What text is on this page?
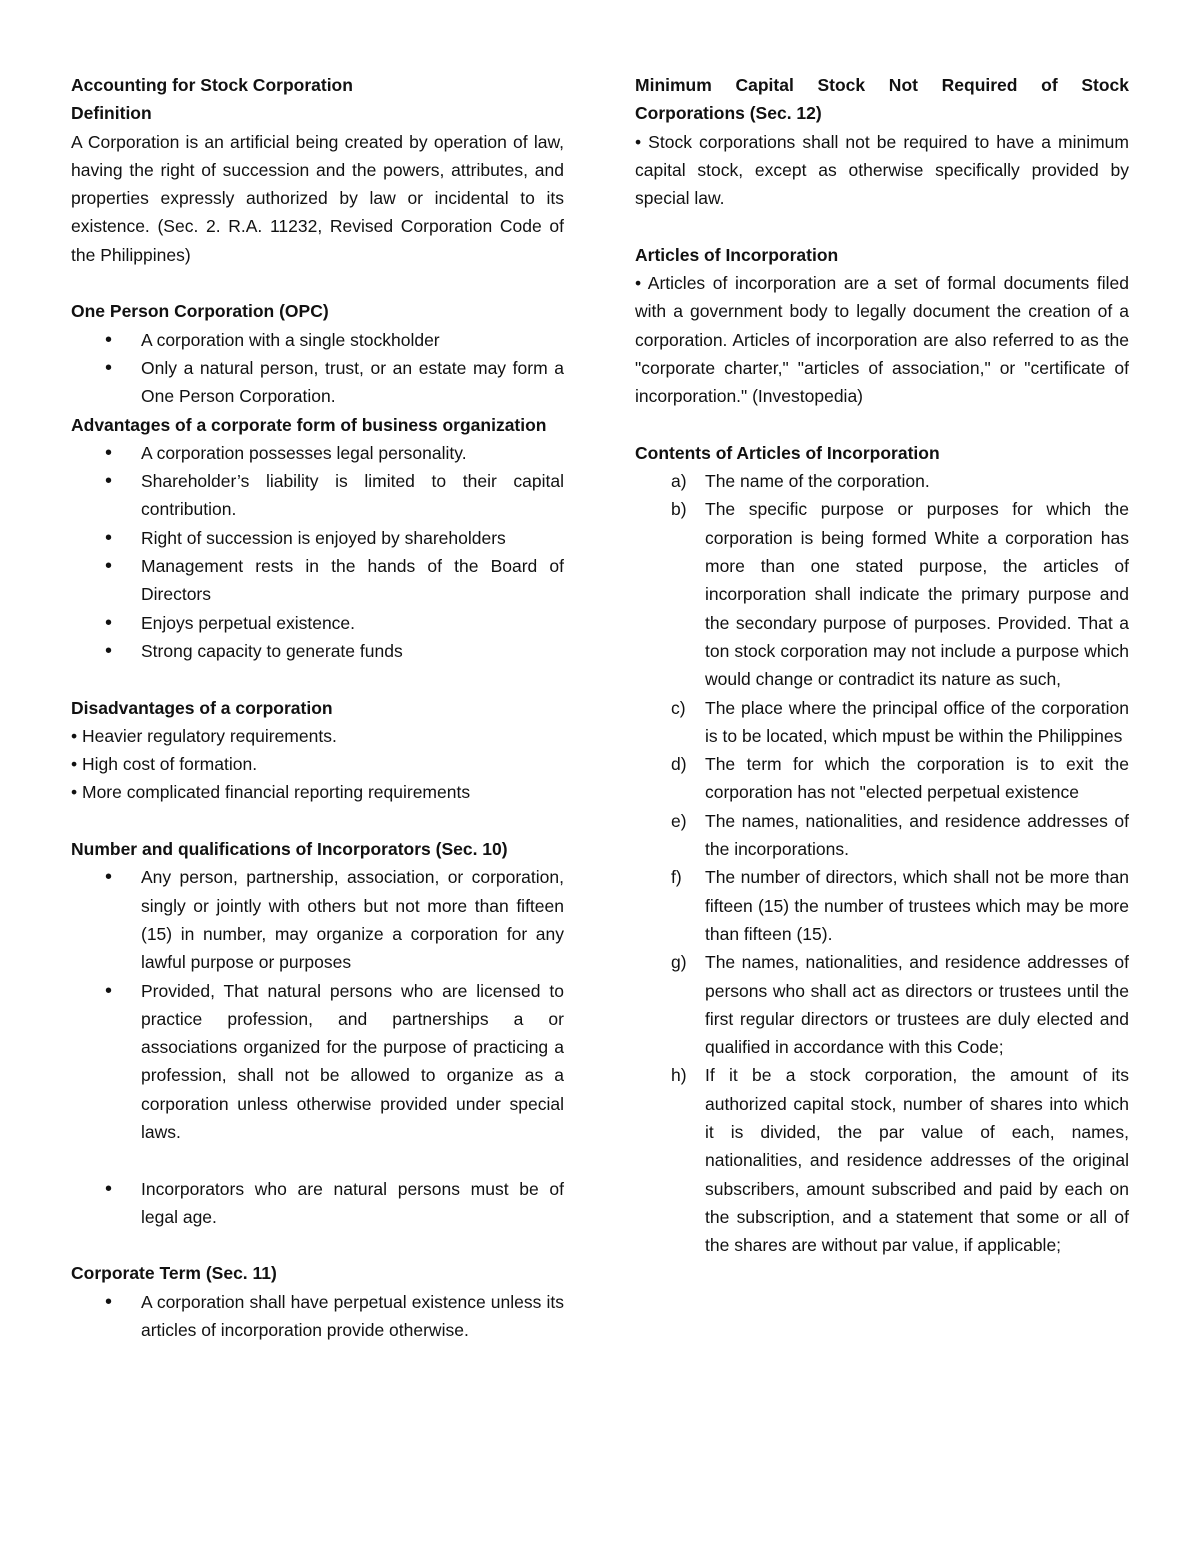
Accounting for Stock Corporation

Definition

A Corporation is an artificial being created by operation of law, having the right of succession and the powers, attributes, and properties expressly authorized by law or incidental to its existence. (Sec. 2. R.A. 11232, Revised Corporation Code of the Philippines)

One Person Corporation (OPC)

• A corporation with a single stockholder
• Only a natural person, trust, or an estate may form a One Person Corporation.

Advantages of a corporate form of business organization

• A corporation possesses legal personality.
• Shareholder’s liability is limited to their capital contribution.
• Right of succession is enjoyed by shareholders
• Management rests in the hands of the Board of Directors
• Enjoys perpetual existence.
• Strong capacity to generate funds

Disadvantages of a corporation

• Heavier regulatory requirements.

• High cost of formation.

• More complicated financial reporting requirements

Number and qualifications of Incorporators (Sec. 10)

• Any person, partnership, association, or corporation, singly or jointly with others but not more than fifteen (15) in number, may organize a corporation for any lawful purpose or purposes
• Provided, That natural persons who are licensed to practice profession, and partnerships a or associations organized for the purpose of practicing a profession, shall not be allowed to organize as a corporation unless otherwise provided under special laws.
• Incorporators who are natural persons must be of legal age.

Corporate Term (Sec. 11)

• A corporation shall have perpetual existence unless its articles of incorporation provide otherwise.

Minimum Capital Stock Not Required of Stock Corporations (Sec. 12)

• Stock corporations shall not be required to have a minimum capital stock, except as otherwise specifically provided by special law.

Articles of Incorporation

• Articles of incorporation are a set of formal documents filed with a government body to legally document the creation of a corporation. Articles of incorporation are also referred to as the "corporate charter," "articles of association," or "certificate of incorporation." (Investopedia)

Contents of Articles of Incorporation

a) The name of the corporation.
b) The specific purpose or purposes for which the corporation is being formed White a corporation has more than one stated purpose, the articles of incorporation shall indicate the primary purpose and the secondary purpose of purposes. Provided. That a ton stock corporation may not include a purpose which would change or contradict its nature as such,
c) The place where the principal office of the corporation is to be located, which mpust be within the Philippines
d) The term for which the corporation is to exit the corporation has not "elected perpetual existence
e) The names, nationalities, and residence addresses of the incorporations.
f) The number of directors, which shall not be more than fifteen (15) the number of trustees which may be more than fifteen (15).
g) The names, nationalities, and residence addresses of persons who shall act as directors or trustees until the first regular directors or trustees are duly elected and qualified in accordance with this Code;
h) If it be a stock corporation, the amount of its authorized capital stock, number of shares into which it is divided, the par value of each, names, nationalities, and residence addresses of the original subscribers, amount subscribed and paid by each on the subscription, and a statement that some or all of the shares are without par value, if applicable;
